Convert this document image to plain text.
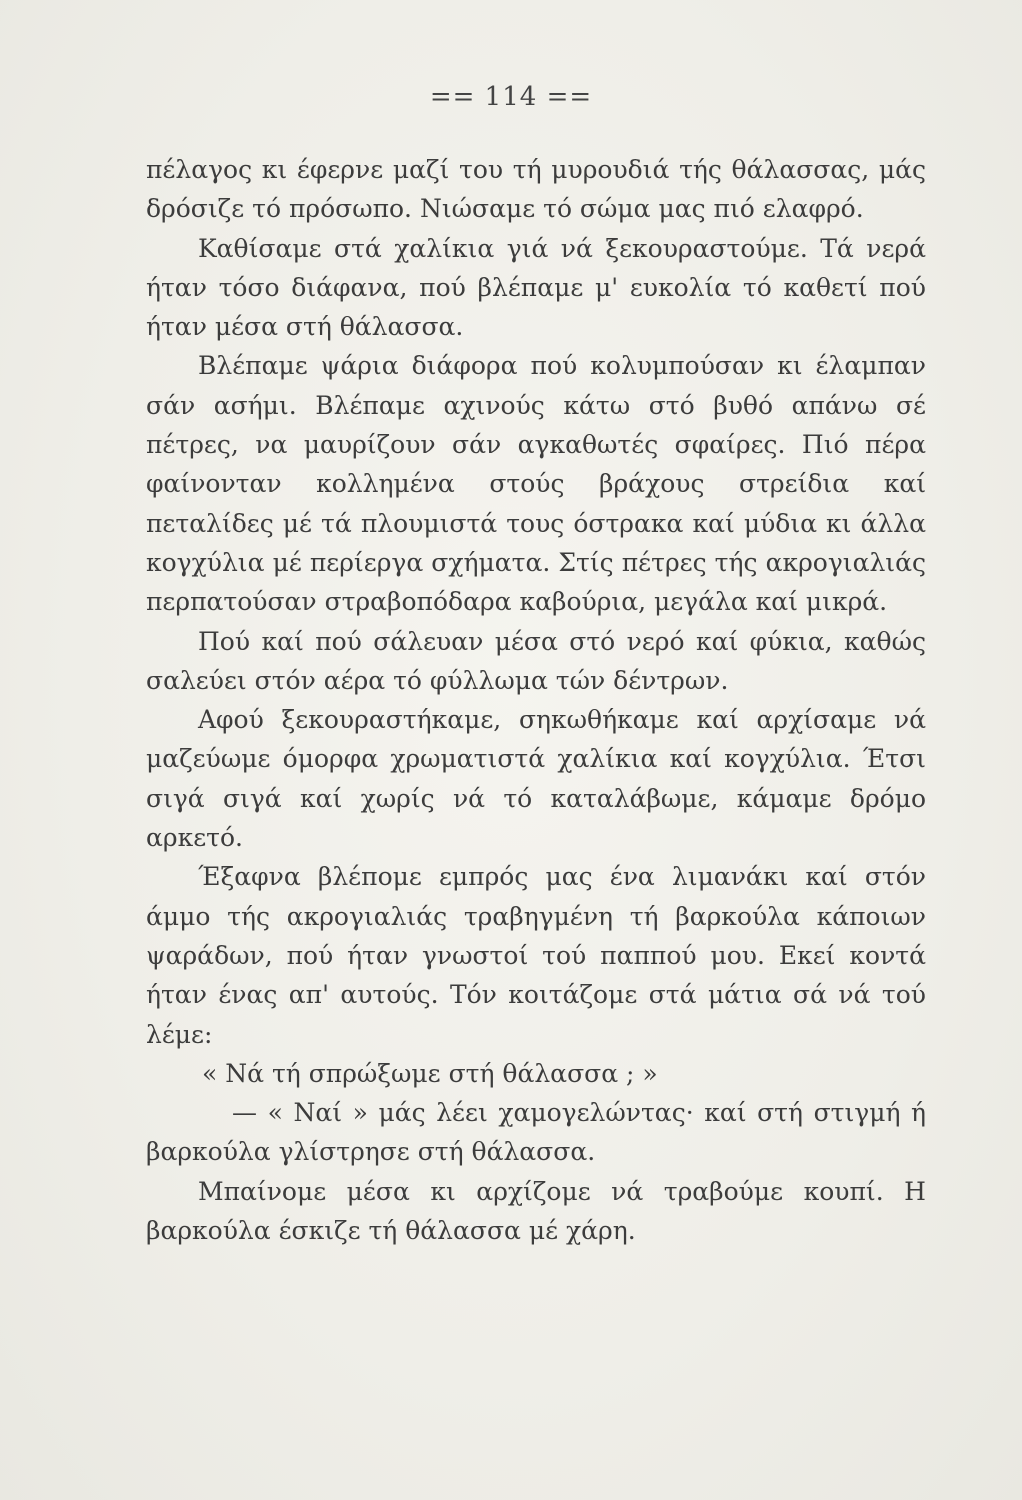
== 114 ==

πέλαγος κι έφερνε μαζί του τή μυρουδιά τής θάλασσας, μάς δρόσιζε τό πρόσωπο. Νιώσαμε τό σώμα μας πιό ελαφρό.

Καθίσαμε στά χαλίκια γιά νά ξεκουραστούμε. Τά νερά ήταν τόσο διάφανα, πού βλέπαμε μ' ευκολία τό καθετί πού ήταν μέσα στή θάλασσα.

Βλέπαμε ψάρια διάφορα πού κολυμπούσαν κι έλαμπαν σάν ασήμι. Βλέπαμε αχινούς κάτω στό βυθό απάνω σέ πέτρες, να μαυρίζουν σάν αγκαθωτές σφαίρες. Πιό πέρα φαίνονταν κολλημένα στούς βράχους στρείδια καί πεταλίδες μέ τά πλουμιστά τους όστρακα καί μύδια κι άλλα κογχύλια μέ περίεργα σχήματα. Στίς πέτρες τής ακρογιαλιάς περπατούσαν στραβοπόδαρα καβούρια, μεγάλα καί μικρά.

Πού καί πού σάλευαν μέσα στό νερό καί φύκια, καθώς σαλεύει στόν αέρα τό φύλλωμα τών δέντρων.

Αφού ξεκουραστήκαμε, σηκωθήκαμε καί αρχίσαμε νά μαζεύωμε όμορφα χρωματιστά χαλίκια καί κογχύλια. Έτσι σιγά σιγά καί χωρίς νά τό καταλάβωμε, κάμαμε δρόμο αρκετό.

Έξαφνα βλέπομε εμπρός μας ένα λιμανάκι καί στόν άμμο τής ακρογιαλιάς τραβηγμένη τή βαρκούλα κάποιων ψαράδων, πού ήταν γνωστοί τού παππού μου. Εκεί κοντά ήταν ένας απ' αυτούς. Τόν κοιτάζομε στά μάτια σά νά τού λέμε:

« Νά τή σπρώξωμε στή θάλασσα ; »

— « Ναί » μάς λέει χαμογελώντας· καί στή στιγμή ή βαρκούλα γλίστρησε στή θάλασσα.

Μπαίνομε μέσα κι αρχίζομε νά τραβούμε κουπί. Η βαρκούλα έσκιζε τή θάλασσα μέ χάρη.
